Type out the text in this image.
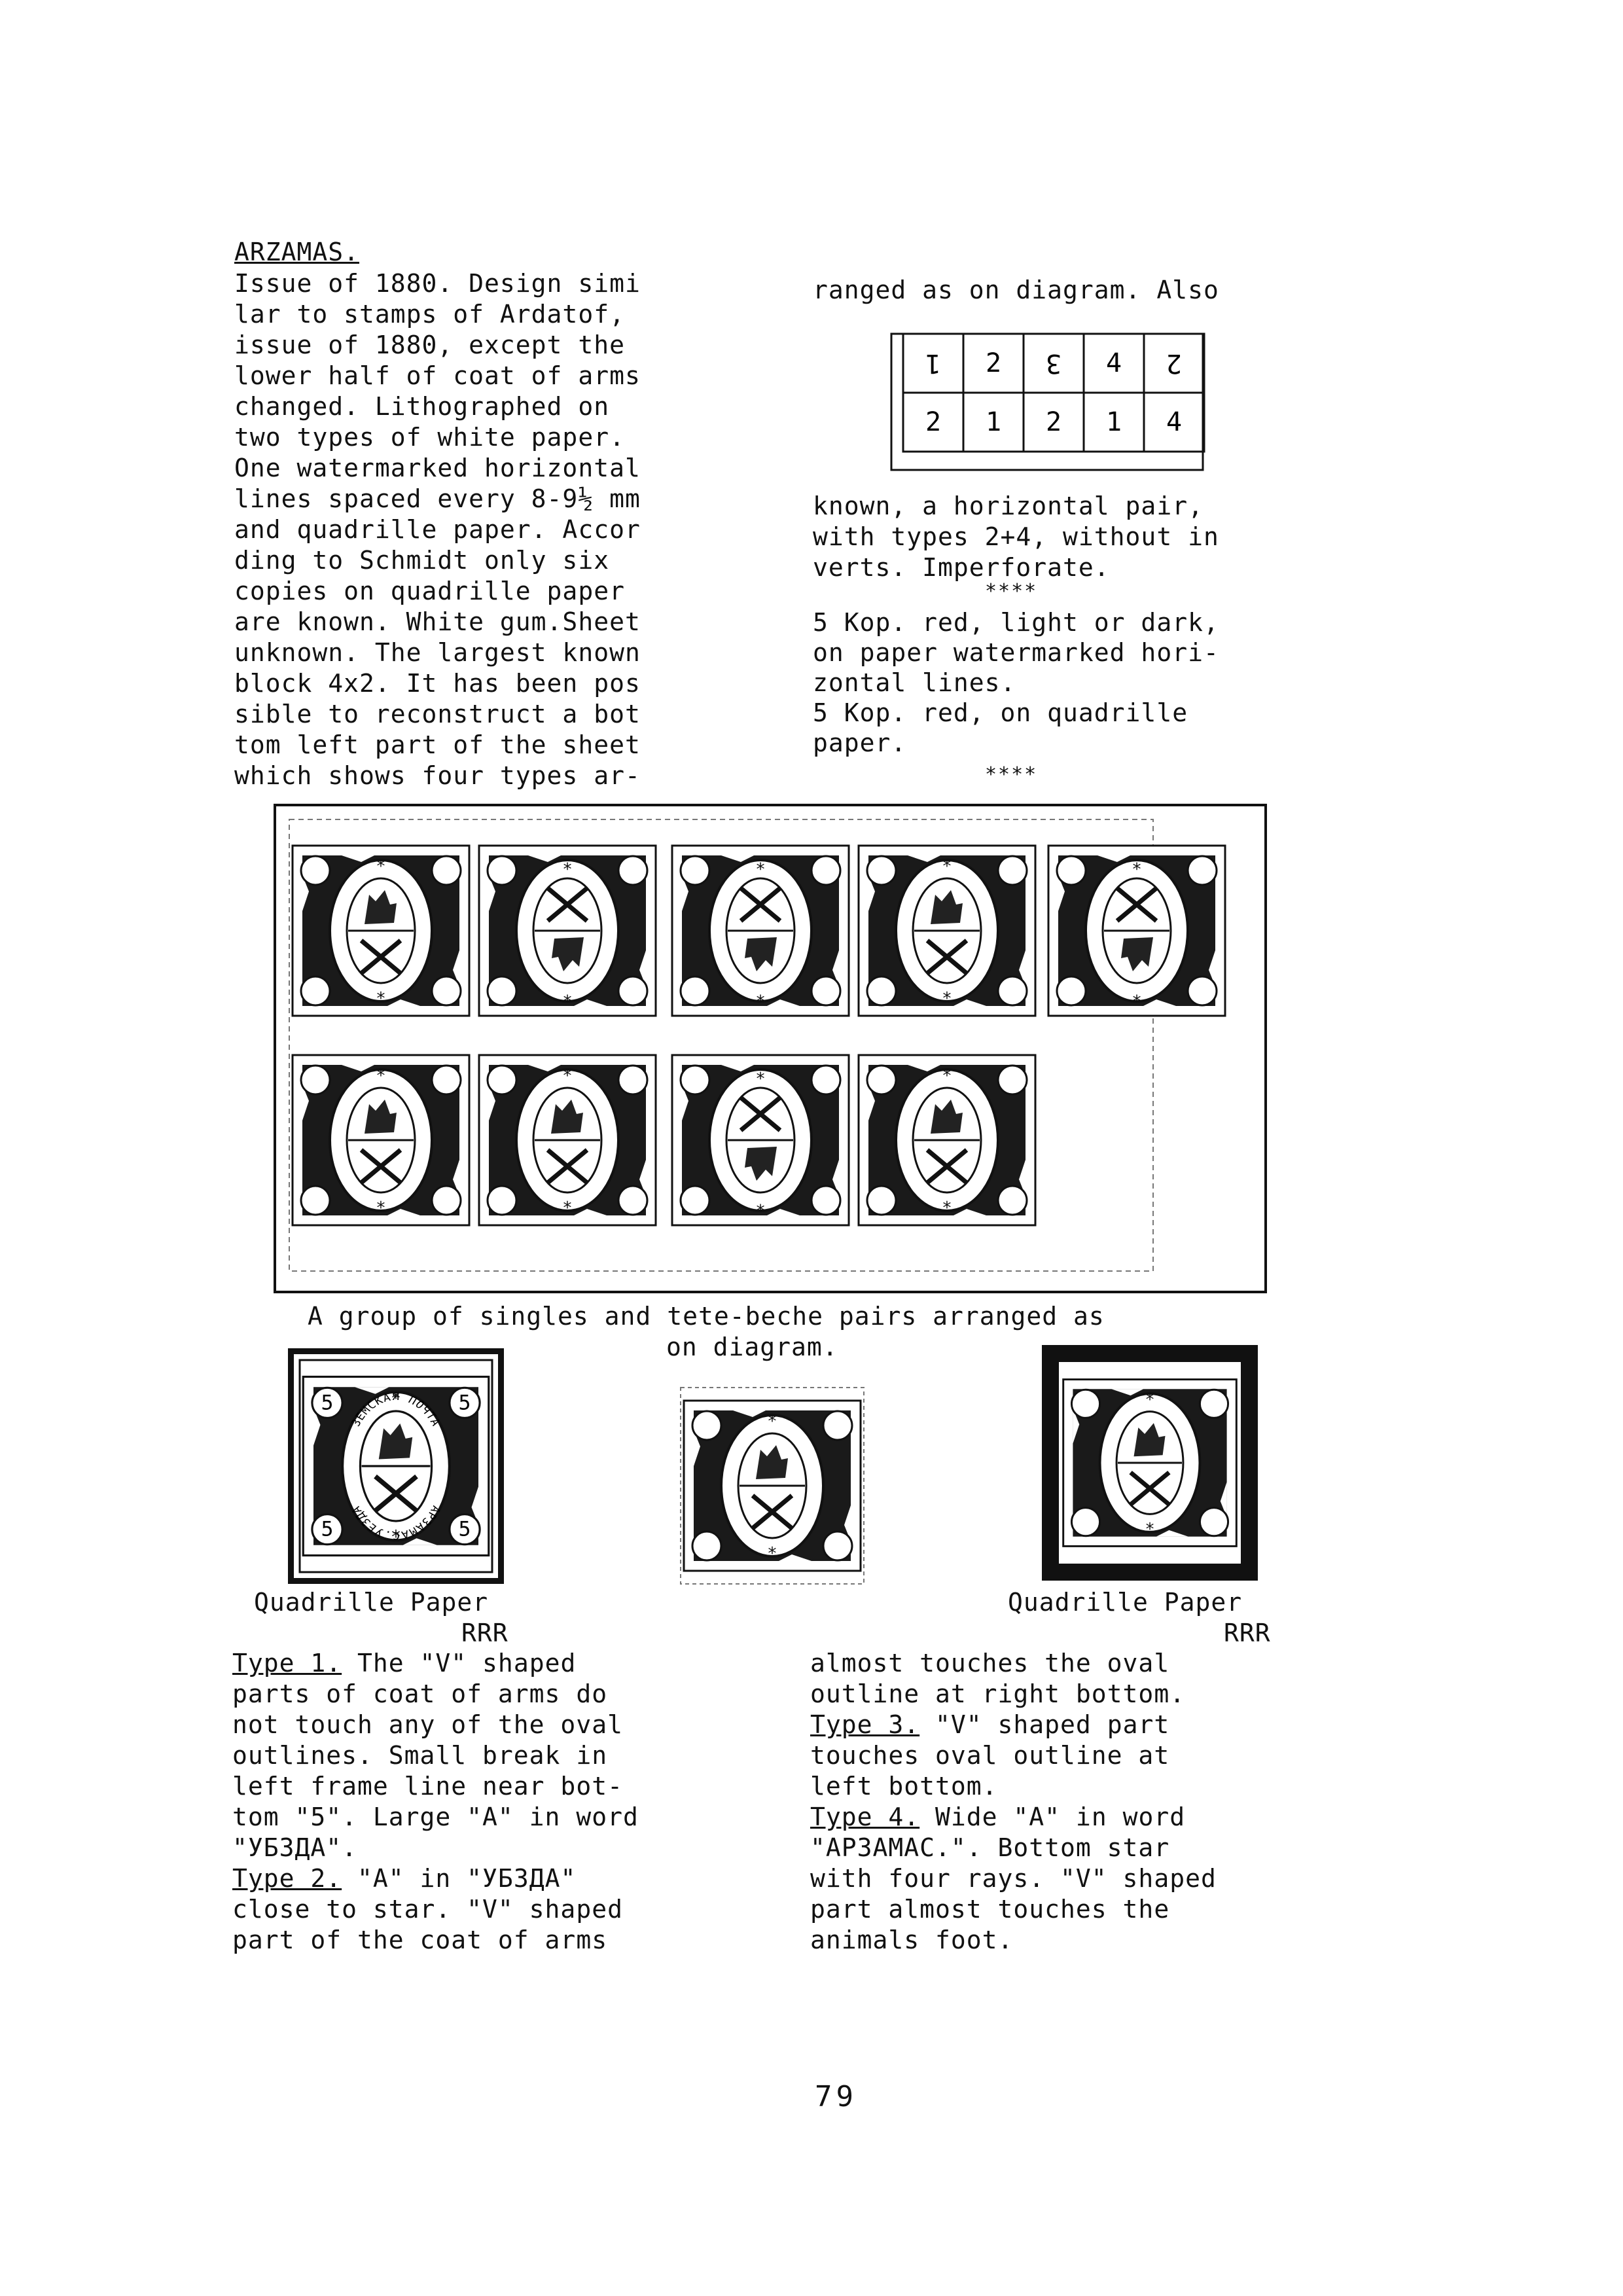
ARZAMAS.
Issue of 1880. Design simi
lar to stamps of Ardatof,
issue of 1880, except the
lower half of coat of arms
changed. Lithographed on
two types of white paper.
One watermarked horizontal
lines spaced every 8-9½ mm
and quadrille paper. Accor
ding to Schmidt only six
copies on quadrille paper
are known. White gum.Sheet
unknown. The largest known
block 4x2. It has been pos
sible to reconstruct a bot
tom left part of the sheet
which shows four types ar-
ranged as on diagram. Also
1 2 3 4 2
2 1 2 1 4
known, a horizontal pair,
with types 2+4, without in
verts. Imperforate.
****
5 Kop. red, light or dark,
on paper watermarked hori-
zontal lines.
5 Kop. red, on quadrille
paper.
****
A group of singles and tete-beche pairs arranged as
on diagram.
5	5
5	5
ЗЕМСКАЯ ПОЧТА
АРЗАМАС.УЕЗДА
Quadrille Paper
RRR
Quadrille Paper
RRR
Type 1. The "V" shaped
parts of coat of arms do
not touch any of the oval
outlines. Small break in
left frame line near bot-
tom "5". Large "A" in word
"УБЗДА".
Type 2. "A" in "УБЗДА"
close to star. "V" shaped
part of the coat of arms
almost touches the oval
outline at right bottom.
Type 3. "V" shaped part
touches oval outline at
left bottom.
Type 4. Wide "A" in word
"АРЗАМАС.". Bottom star
with four rays. "V" shaped
part almost touches the
animals foot.
79
